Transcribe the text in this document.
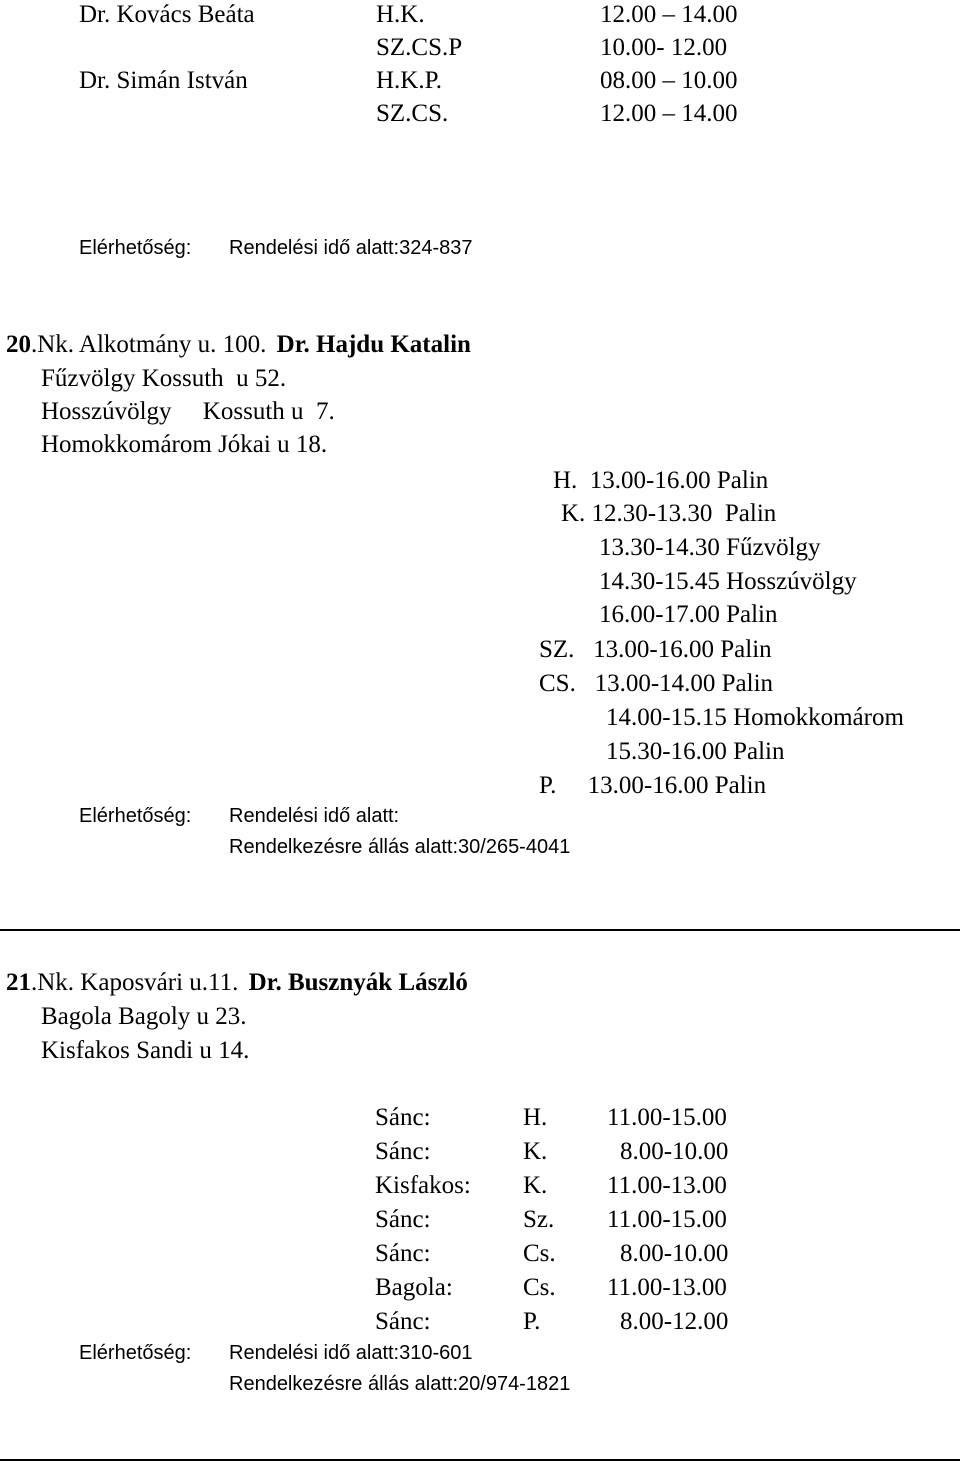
Dr. Kovács Beáta	H.K.	12.00 – 14.00
SZ.CS.P	10.00- 12.00
Dr. Simán István	H.K.P.	08.00 – 10.00
SZ.CS.	12.00 – 14.00
Elérhetőség: Rendelési idő alatt:324-837
20.Nk. Alkotmány u. 100. Dr. Hajdu Katalin
Fűzvölgy Kossuth  u 52.
Hosszúvölgy     Kossuth u  7.
Homokkomárom Jókai u 18.
H.  13.00-16.00 Palin
K. 12.30-13.30  Palin
13.30-14.30 Fűzvölgy
14.30-15.45 Hosszúvölgy
16.00-17.00 Palin
SZ.   13.00-16.00 Palin
CS.   13.00-14.00 Palin
14.00-15.15 Homokkomárom
15.30-16.00 Palin
P.     13.00-16.00 Palin
Elérhetőség: Rendelési idő alatt:
Rendelkezésre állás alatt:30/265-4041
21.Nk. Kaposvári u.11. Dr. Busznyák László
Bagola Bagoly u 23.
Kisfakos Sandi u 14.
Sánc:	H. 11.00-15.00
Sánc:	K.	8.00-10.00
Kisfakos: K. 11.00-13.00
Sánc:	Sz. 11.00-15.00
Sánc:	Cs.	8.00-10.00
Bagola:	Cs. 11.00-13.00
Sánc:	P.	8.00-12.00
Elérhetőség: Rendelési idő alatt:310-601
Rendelkezésre állás alatt:20/974-1821
